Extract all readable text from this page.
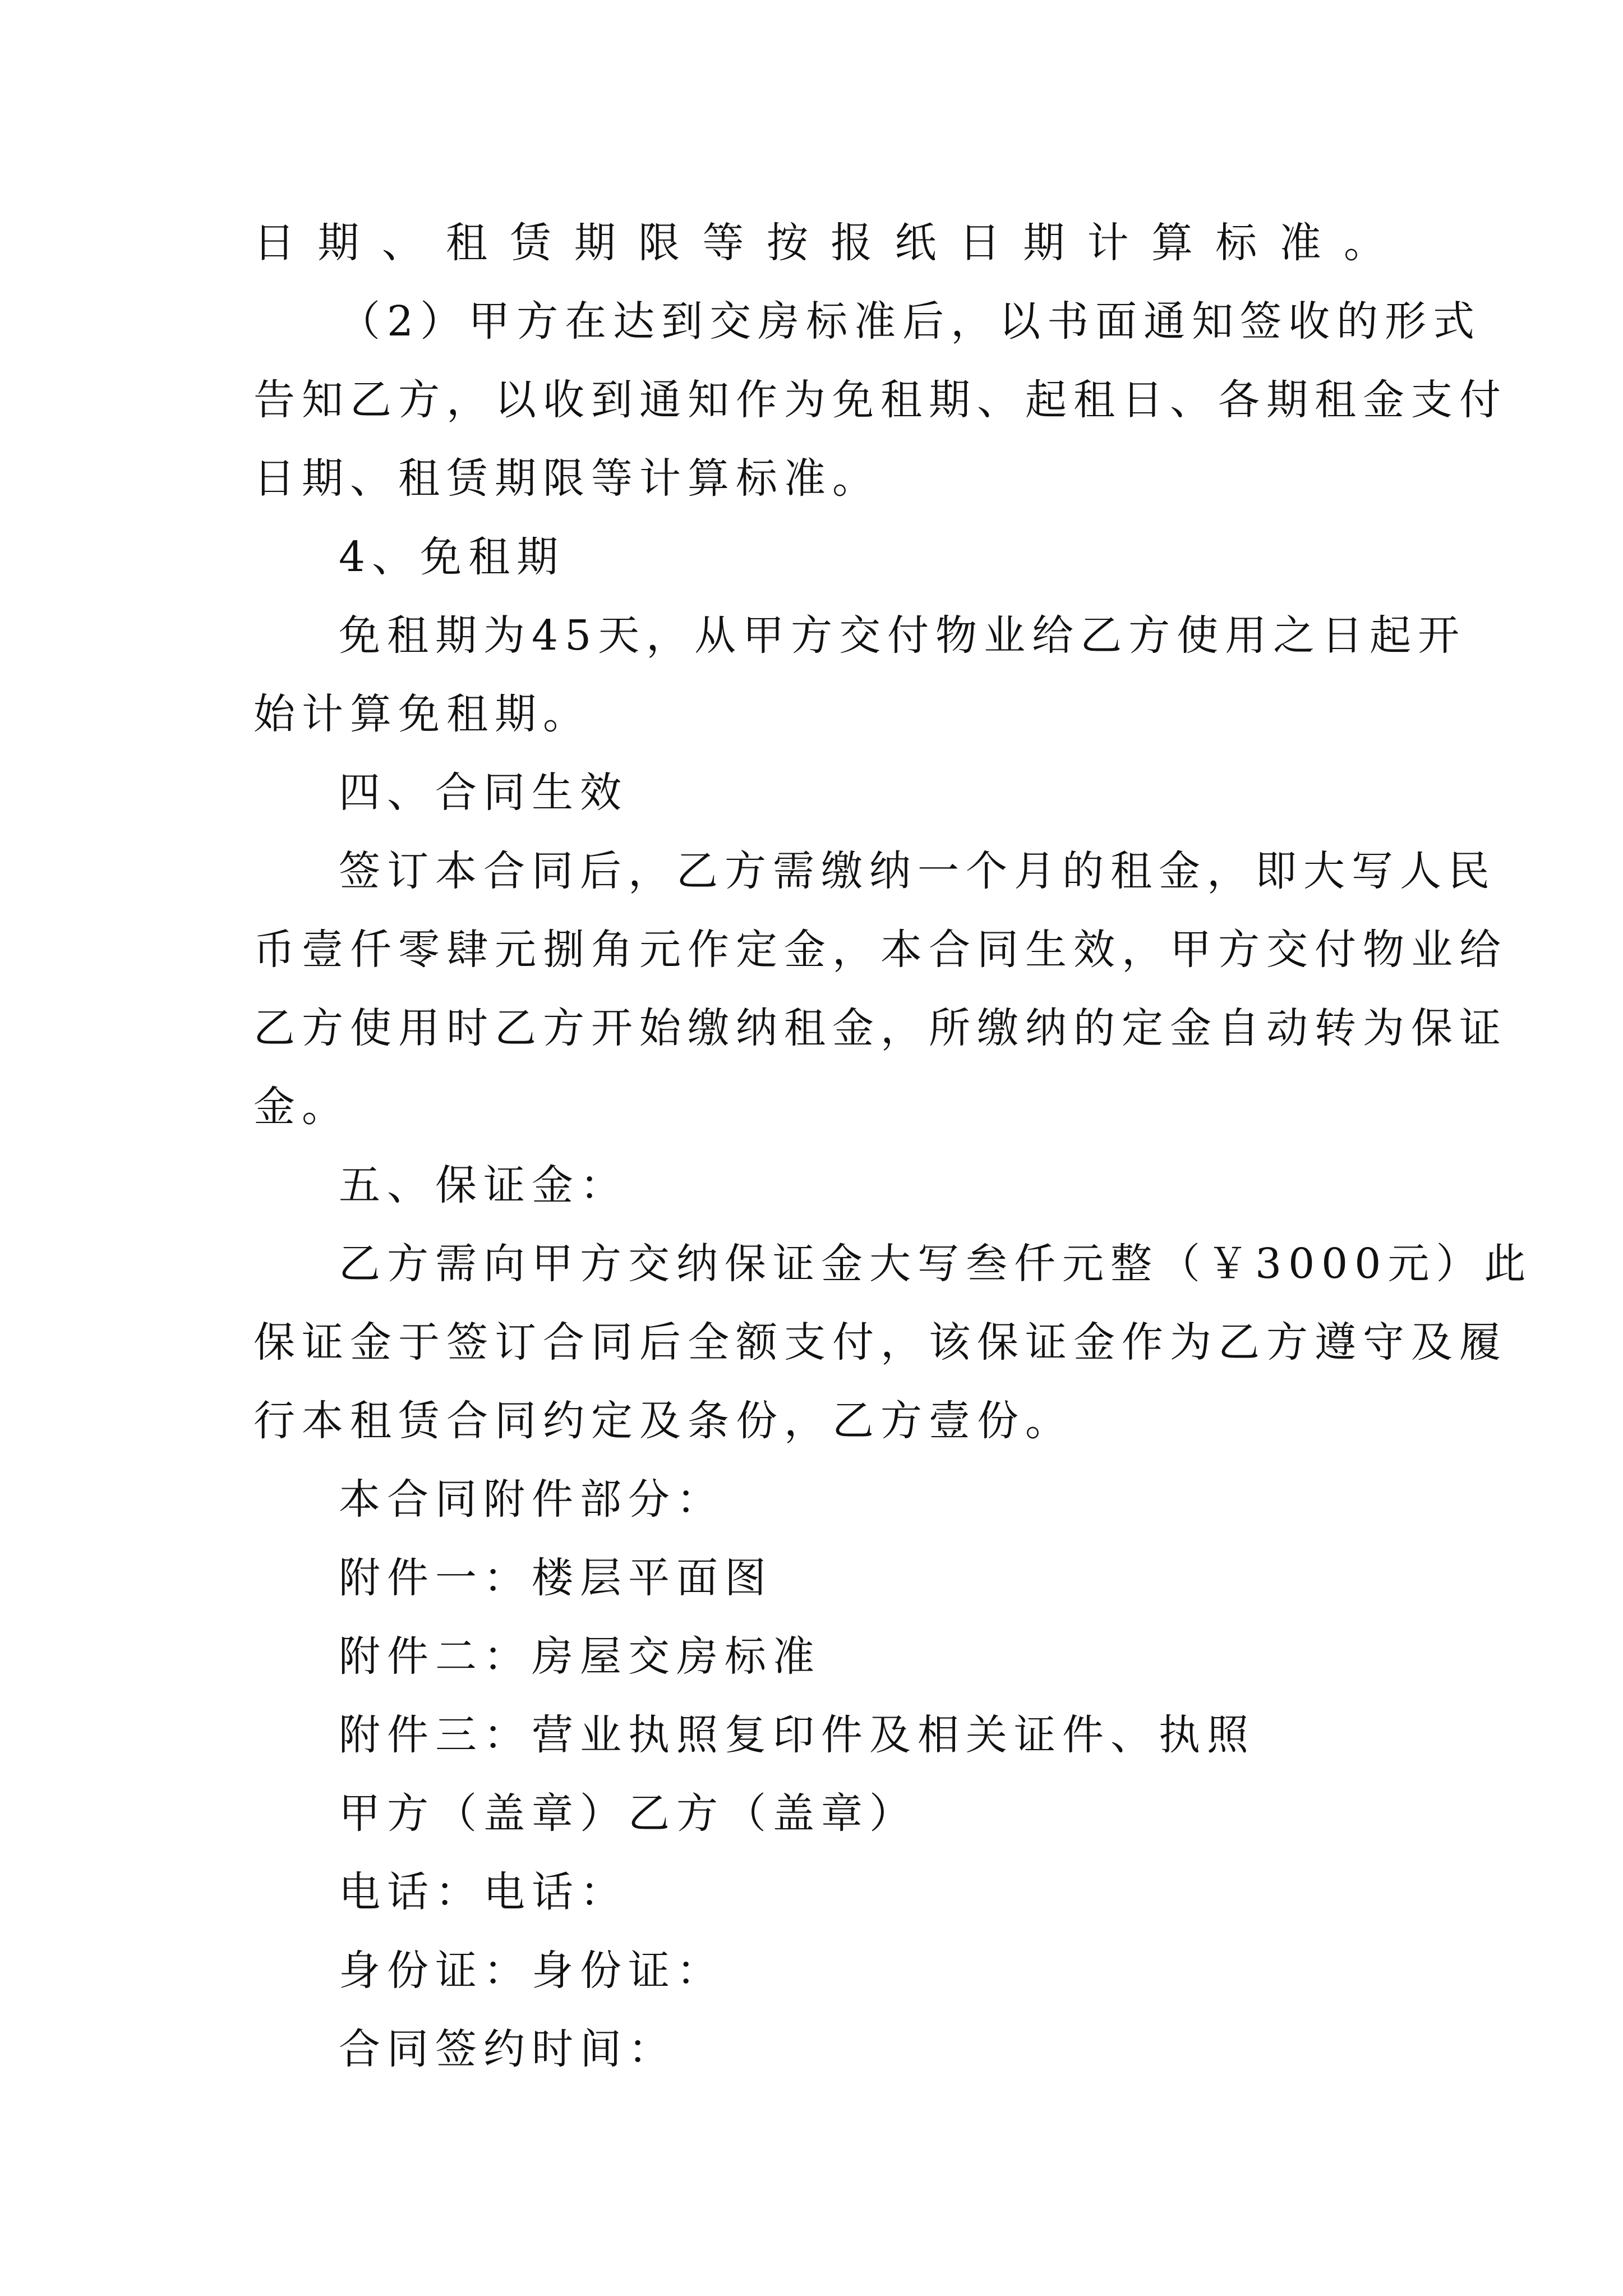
日期、租赁期限等按报纸日期计算标准。
（2）甲方在达到交房标准后，以书面通知签收的形式
告知乙方，以收到通知作为免租期、起租日、各期租金支付
日期、租赁期限等计算标准。
4、免租期
免租期为45天，从甲方交付物业给乙方使用之日起开
始计算免租期。
四、合同生效
签订本合同后，乙方需缴纳一个月的租金，即大写人民
币壹仟零肆元捌角元作定金，本合同生效，甲方交付物业给
乙方使用时乙方开始缴纳租金，所缴纳的定金自动转为保证
金。
五、保证金：
乙方需向甲方交纳保证金大写叁仟元整（￥3000元）此
保证金于签订合同后全额支付，该保证金作为乙方遵守及履
行本租赁合同约定及条份，乙方壹份。
本合同附件部分：
附件一：楼层平面图
附件二：房屋交房标准
附件三：营业执照复印件及相关证件、执照
甲方（盖章）乙方（盖章）
电话：电话：
身份证：身份证：
合同签约时间：
